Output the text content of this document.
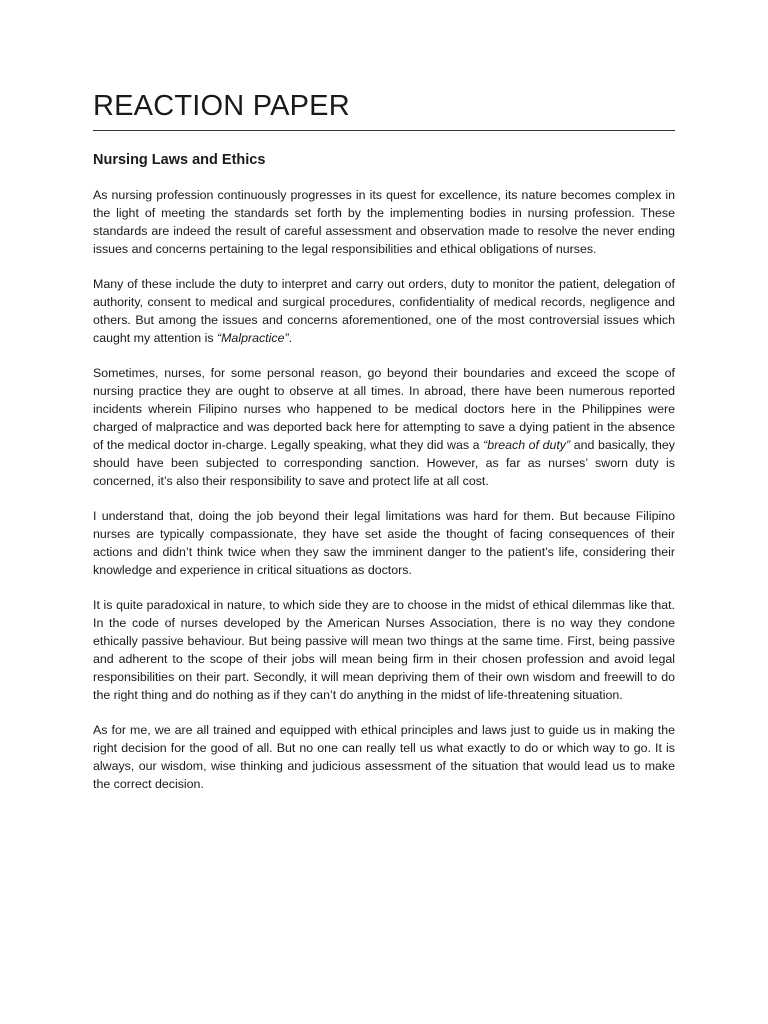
REACTION PAPER
Nursing Laws and Ethics

As nursing profession continuously progresses in its quest for excellence, its nature becomes complex in the light of meeting the standards set forth by the implementing bodies in nursing profession. These standards are indeed the result of careful assessment and observation made to resolve the never ending issues and concerns pertaining to the legal responsibilities and ethical obligations of nurses.

Many of these include the duty to interpret and carry out orders, duty to monitor the patient, delegation of authority, consent to medical and surgical procedures, confidentiality of medical records, negligence and others. But among the issues and concerns aforementioned, one of the most controversial issues which caught my attention is “Malpractice”.

Sometimes, nurses, for some personal reason, go beyond their boundaries and exceed the scope of nursing practice they are ought to observe at all times. In abroad, there have been numerous reported incidents wherein Filipino nurses who happened to be medical doctors here in the Philippines were charged of malpractice and was deported back here for attempting to save a dying patient in the absence of the medical doctor in-charge. Legally speaking, what they did was a “breach of duty” and basically, they should have been subjected to corresponding sanction. However, as far as nurses’ sworn duty is concerned, it’s also their responsibility to save and protect life at all cost.

I understand that, doing the job beyond their legal limitations was hard for them. But because Filipino nurses are typically compassionate, they have set aside the thought of facing consequences of their actions and didn’t think twice when they saw the imminent danger to the patient’s life, considering their knowledge and experience in critical situations as doctors.

It is quite paradoxical in nature, to which side they are to choose in the midst of ethical dilemmas like that. In the code of nurses developed by the American Nurses Association, there is no way they condone ethically passive behaviour. But being passive will mean two things at the same time. First, being passive and adherent to the scope of their jobs will mean being firm in their chosen profession and avoid legal responsibilities on their part. Secondly, it will mean depriving them of their own wisdom and freewill to do the right thing and do nothing as if they can’t do anything in the midst of life-threatening situation.

As for me, we are all trained and equipped with ethical principles and laws just to guide us in making the right decision for the good of all. But no one can really tell us what exactly to do or which way to go. It is always, our wisdom, wise thinking and judicious assessment of the situation that would lead us to make the correct decision.
